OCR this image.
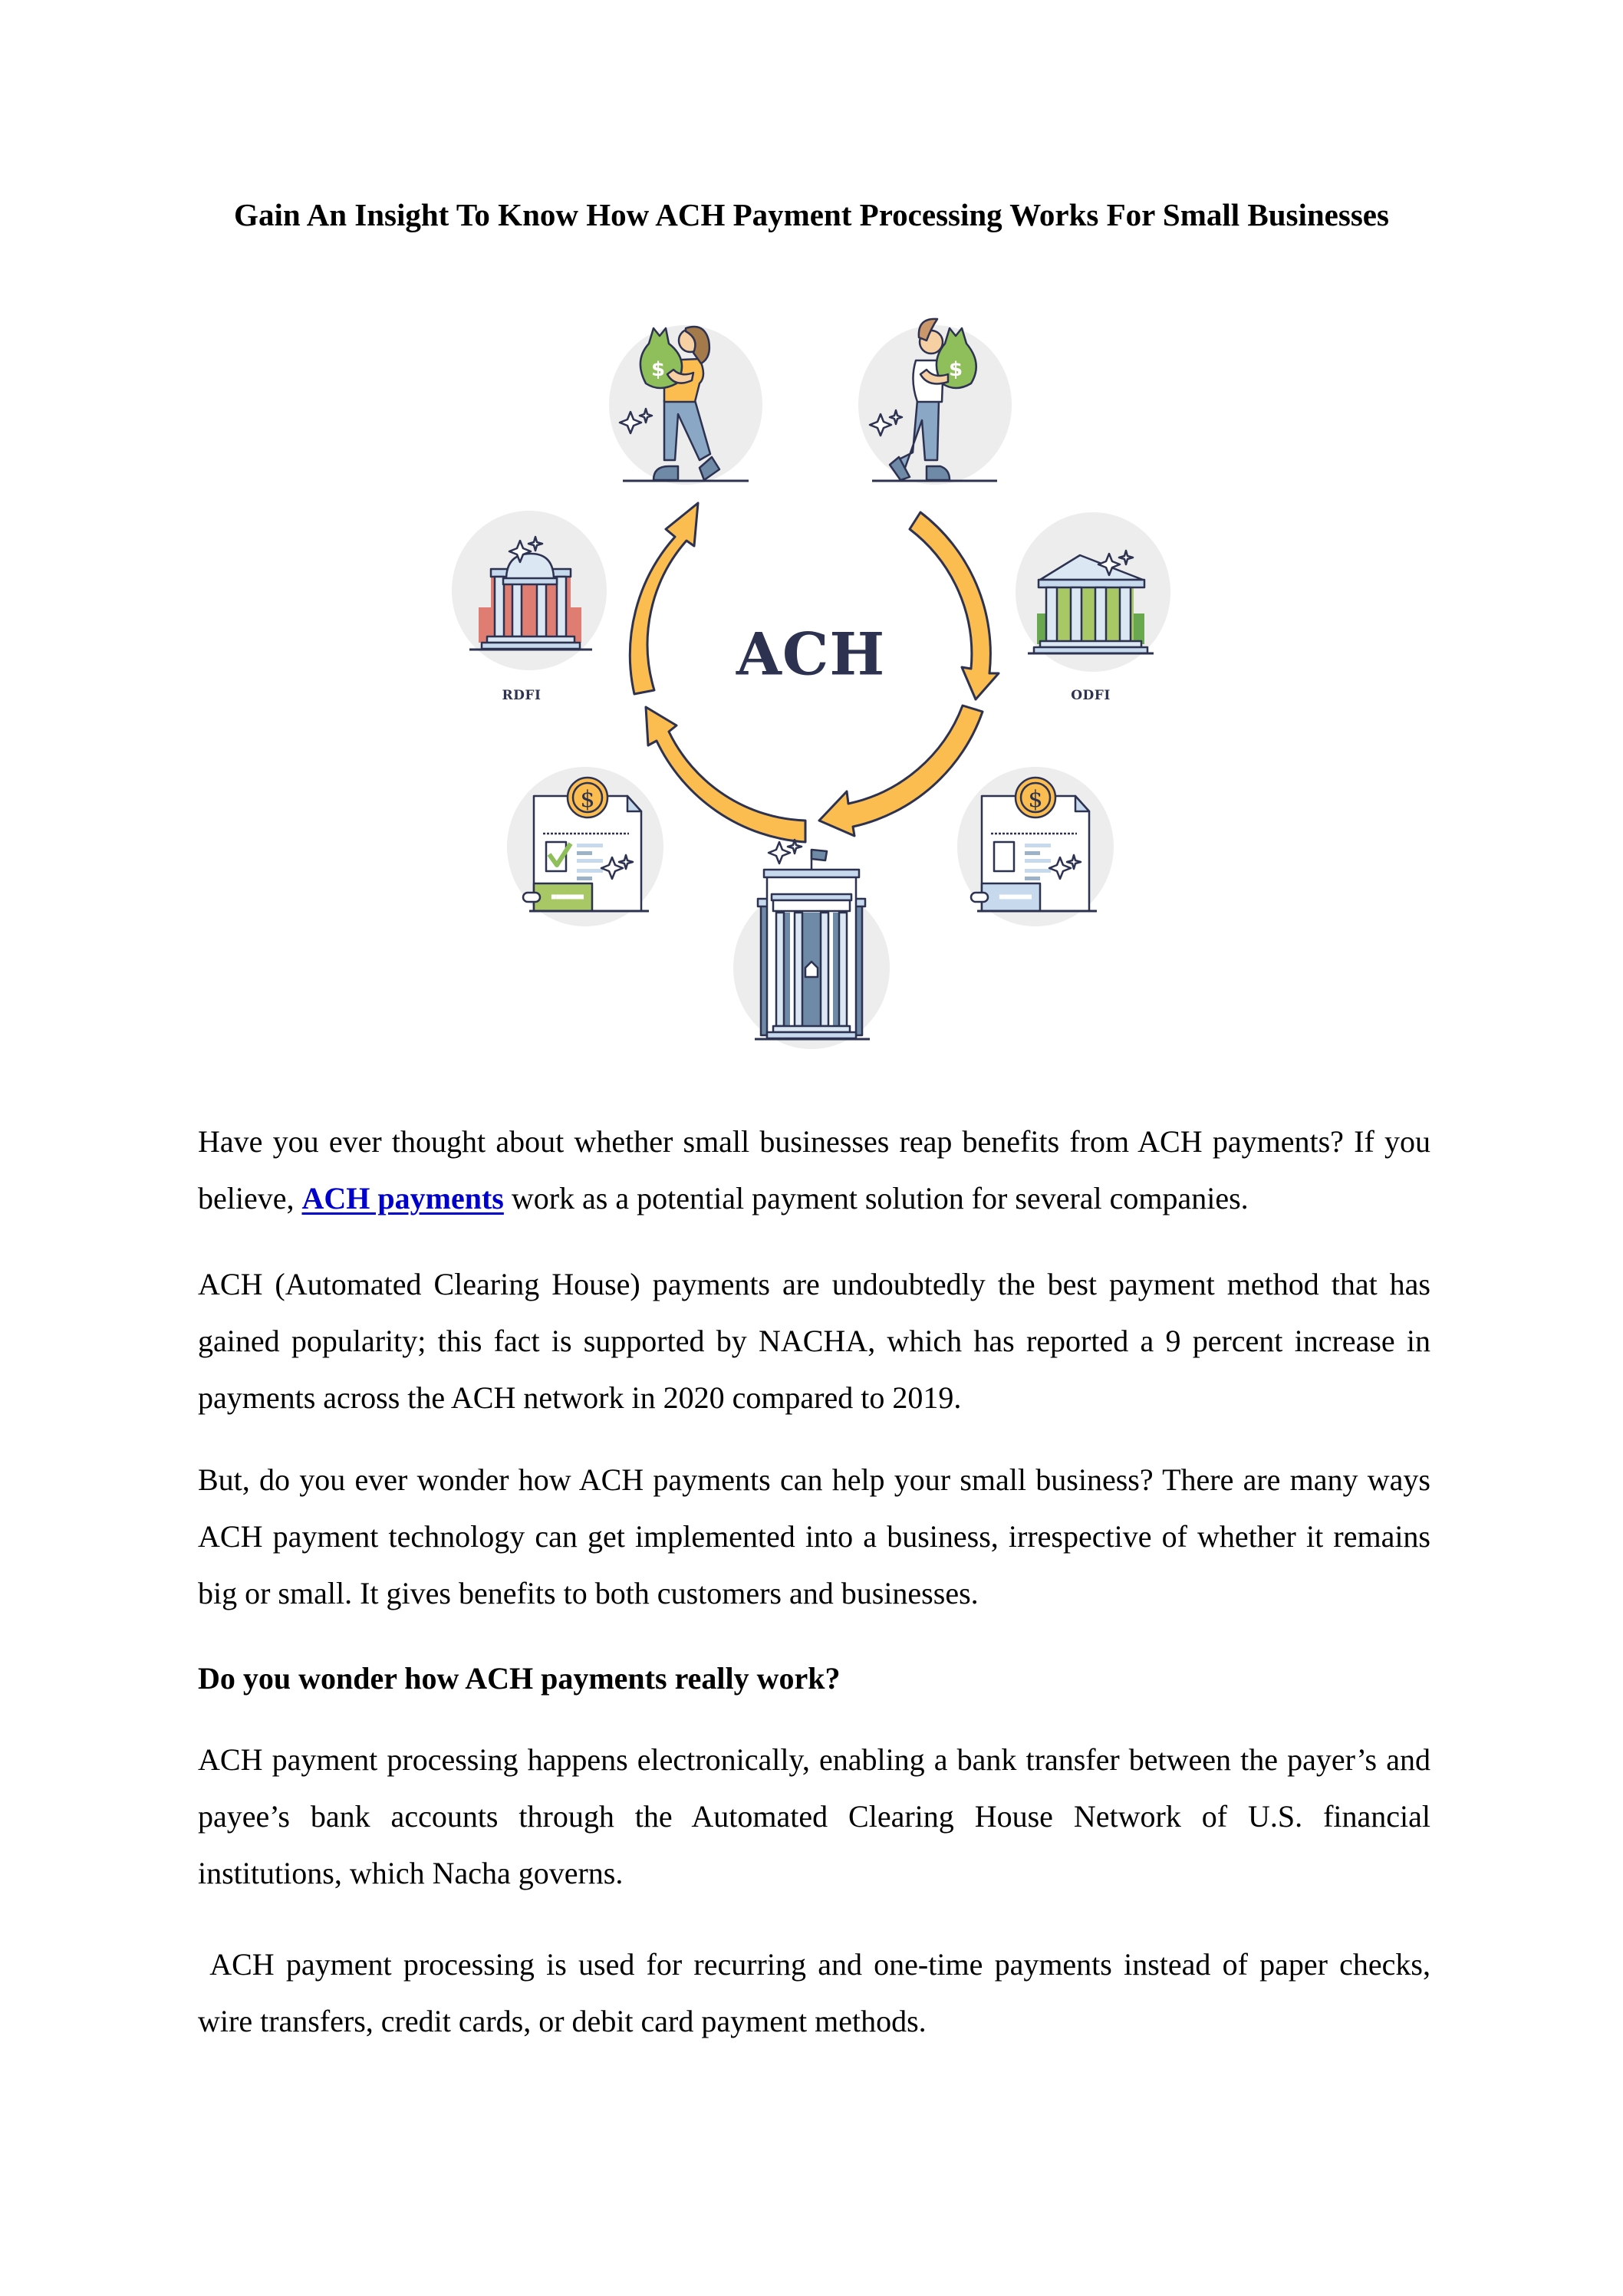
Gain An Insight To Know How ACH Payment Processing Works For Small Businesses
$	$
$
■■■■■■■
$
■■■■■■■
ACH
RDFI	ODFI

Have you ever thought about whether small businesses reap benefits from ACH payments? If you believe, ACH payments work as a potential payment solution for several companies.

ACH (Automated Clearing House) payments are undoubtedly the best payment method that has gained popularity; this fact is supported by NACHA, which has reported a 9 percent increase in payments across the ACH network in 2020 compared to 2019.

But, do you ever wonder how ACH payments can help your small business? There are many ways ACH payment technology can get implemented into a business, irrespective of whether it remains big or small. It gives benefits to both customers and businesses.

Do you wonder how ACH payments really work?

ACH payment processing happens electronically, enabling a bank transfer between the payer’s and payee’s bank accounts through the Automated Clearing House Network of U.S. financial institutions, which Nacha governs.

ACH payment processing is used for recurring and one-time payments instead of paper checks, wire transfers, credit cards, or debit card payment methods.
